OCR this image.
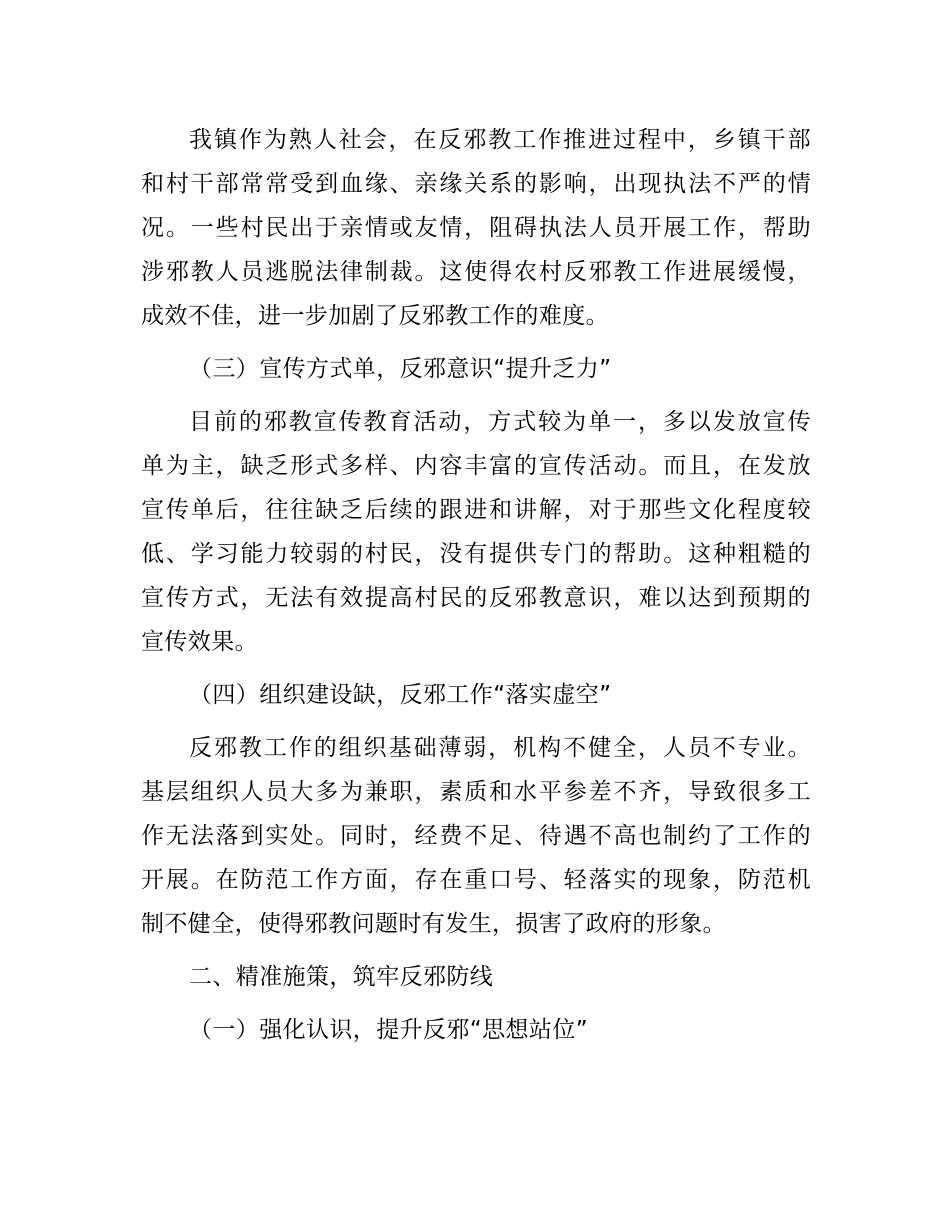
我镇作为熟人社会，在反邪教工作推进过程中，乡镇干部
和村干部常常受到血缘、亲缘关系的影响，出现执法不严的情
况。一些村民出于亲情或友情，阻碍执法人员开展工作，帮助
涉邪教人员逃脱法律制裁。这使得农村反邪教工作进展缓慢，
成效不佳，进一步加剧了反邪教工作的难度。

（三）宣传方式单，反邪意识“提升乏力”

目前的邪教宣传教育活动，方式较为单一，多以发放宣传
单为主，缺乏形式多样、内容丰富的宣传活动。而且，在发放
宣传单后，往往缺乏后续的跟进和讲解，对于那些文化程度较
低、学习能力较弱的村民，没有提供专门的帮助。这种粗糙的
宣传方式，无法有效提高村民的反邪教意识，难以达到预期的
宣传效果。

（四）组织建设缺，反邪工作“落实虚空”

反邪教工作的组织基础薄弱，机构不健全，人员不专业。
基层组织人员大多为兼职，素质和水平参差不齐，导致很多工
作无法落到实处。同时，经费不足、待遇不高也制约了工作的
开展。在防范工作方面，存在重口号、轻落实的现象，防范机
制不健全，使得邪教问题时有发生，损害了政府的形象。

二、精准施策，筑牢反邪防线

（一）强化认识，提升反邪“思想站位”
